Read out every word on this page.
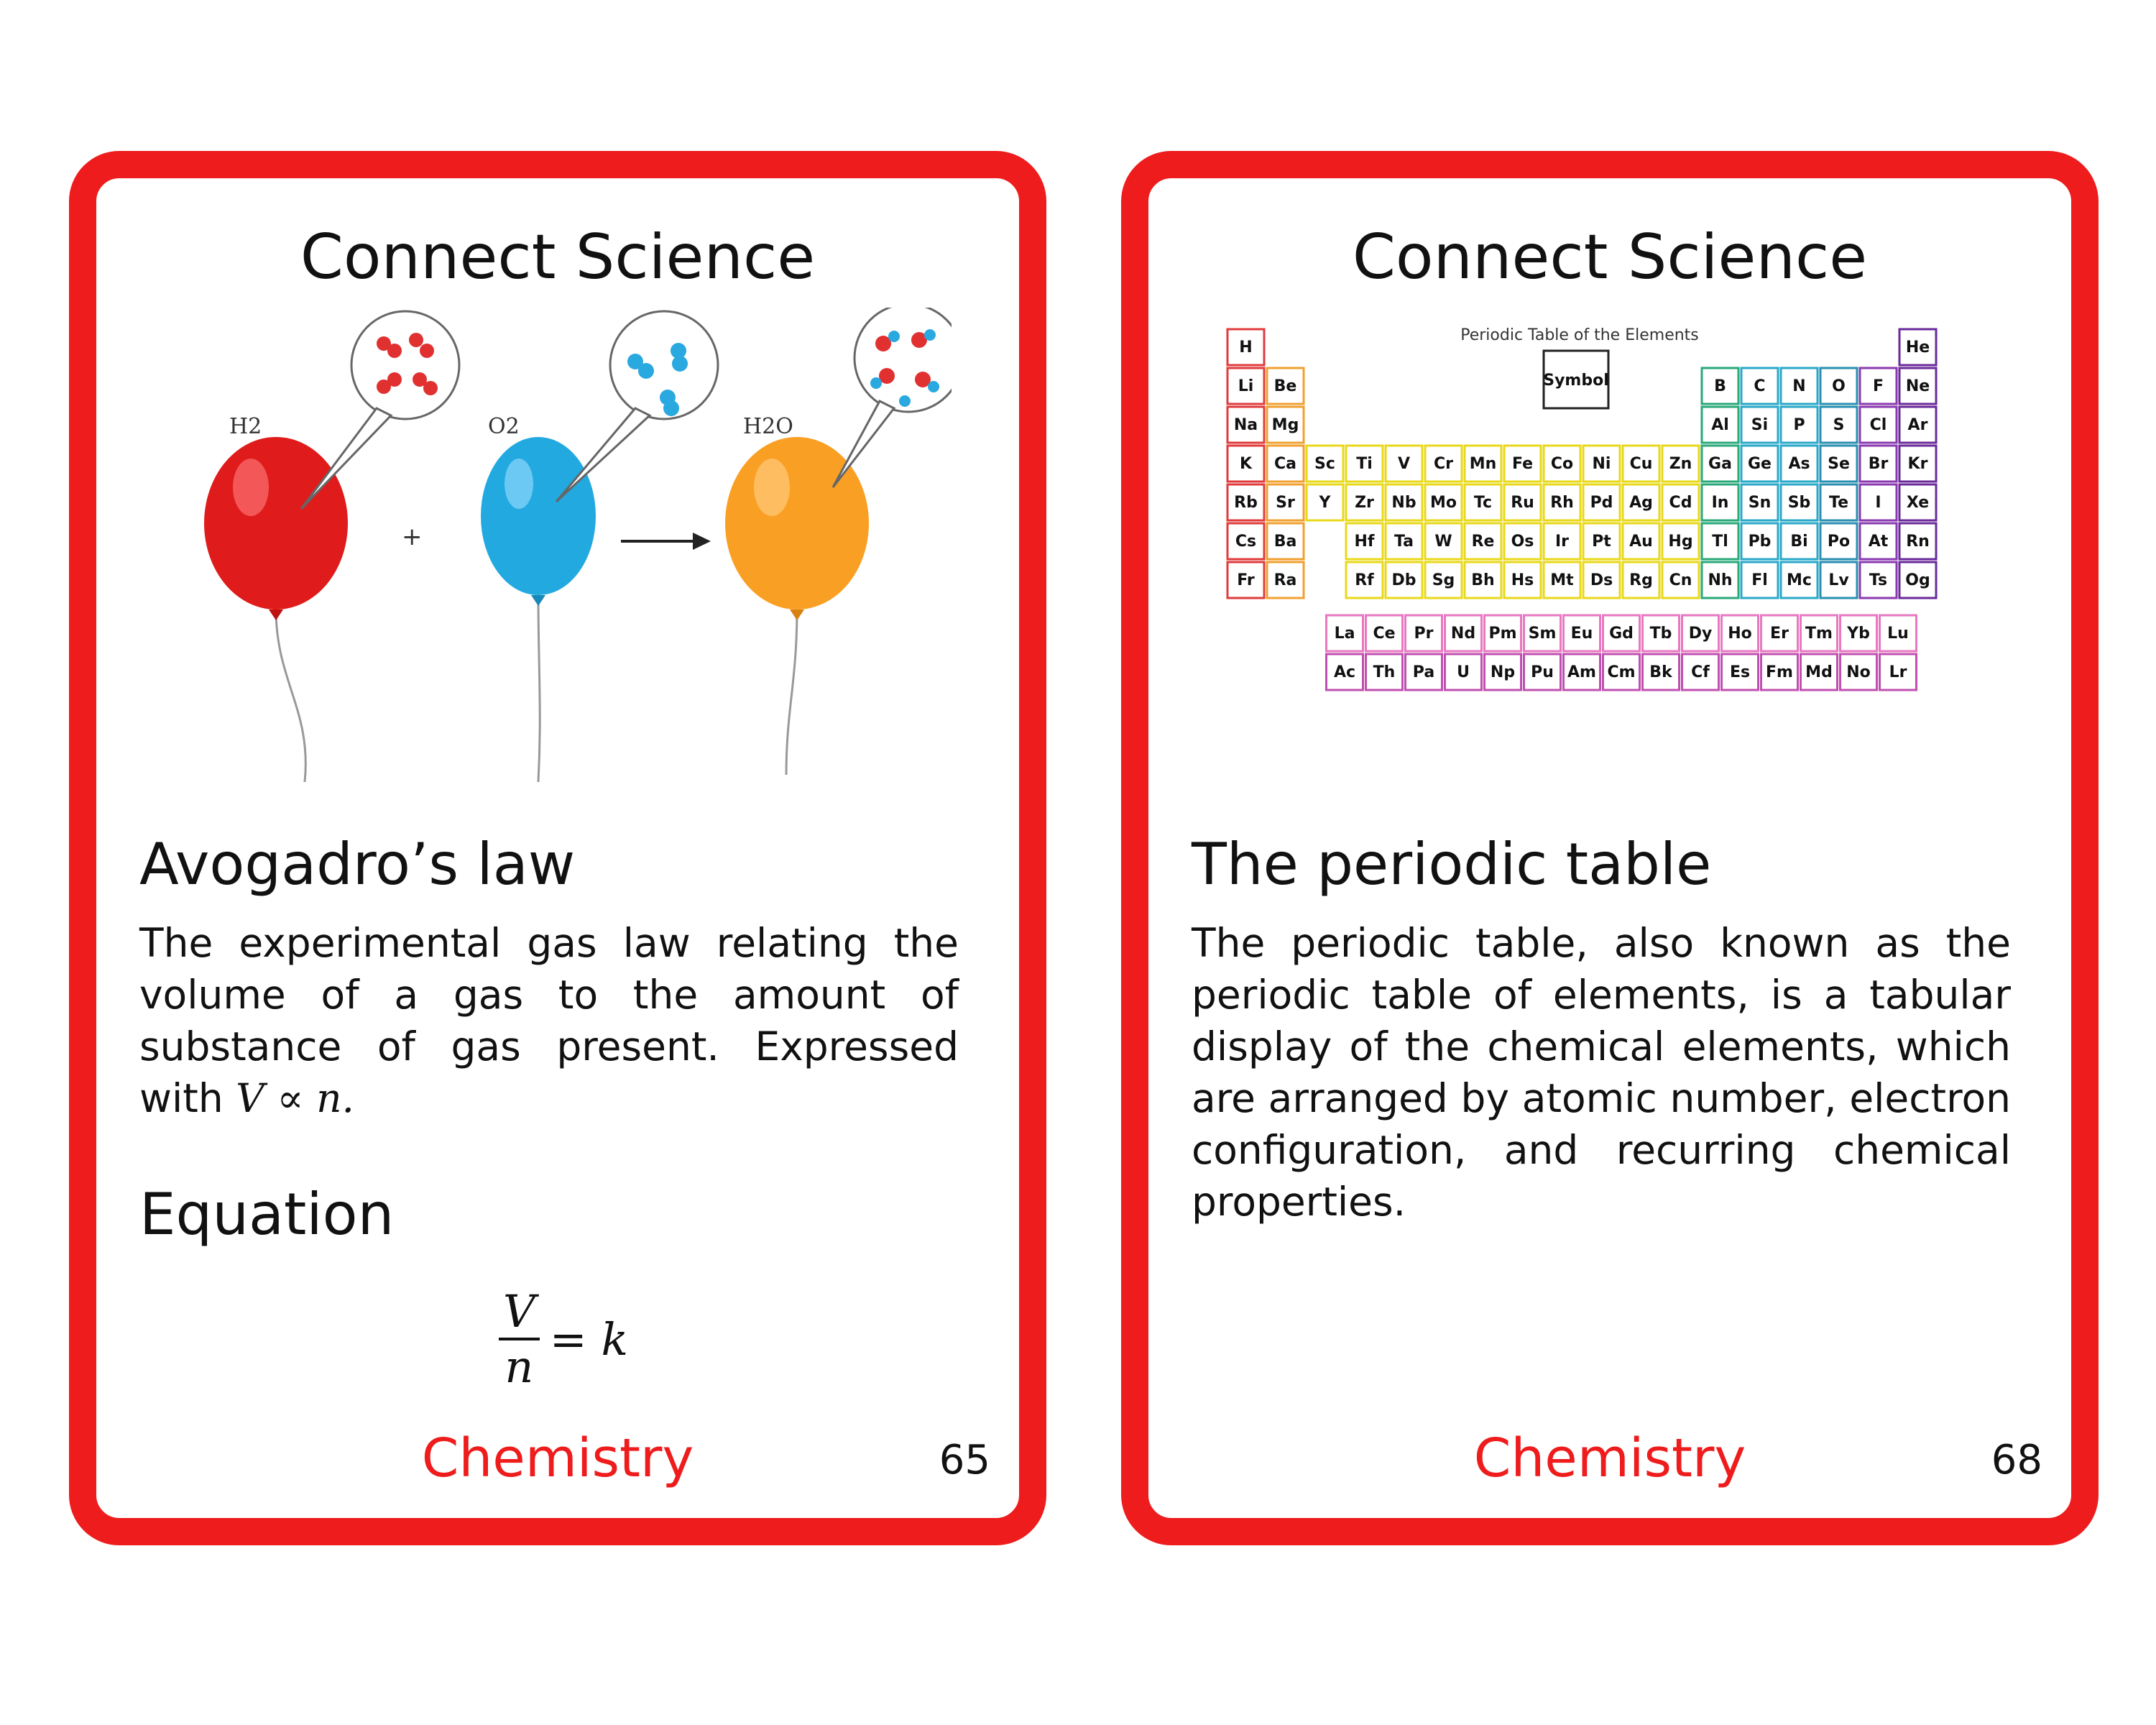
Connect Science
H2	O2	H2O
+
Avogadro’s law
The experimental gas law relating the volume of a gas to the amount of substance of gas present. Expressed with V ∝ n.
Equation
$\frac{V}{n} = k$
Chemistry	65
Connect Science
Periodic Table of the Elements
Symbol
H	He
Li Be	B C N O F Ne
Na Mg	Al Si P S Cl Ar
K Ca Sc Ti V Cr Mn Fe Co Ni Cu Zn Ga Ge As Se Br Kr
Rb Sr Y Zr Nb Mo Tc Ru Rh Pd Ag Cd In Sn Sb Te I Xe
Cs Ba	Hf Ta W Re Os Ir Pt Au Hg Tl Pb Bi Po At Rn
Fr Ra	Rf Db Sg Bh Hs Mt Ds Rg Cn Nh Fl Mc Lv Ts Og
La Ce Pr Nd Pm Sm Eu Gd Tb Dy Ho Er Tm Yb Lu
Ac Th Pa U Np Pu Am Cm Bk Cf Es Fm Md No Lr
The periodic table
The periodic table, also known as the periodic table of elements, is a tabular display of the chemical elements, which are arranged by atomic number, electron configuration, and recurring chemical properties.
Chemistry	68
